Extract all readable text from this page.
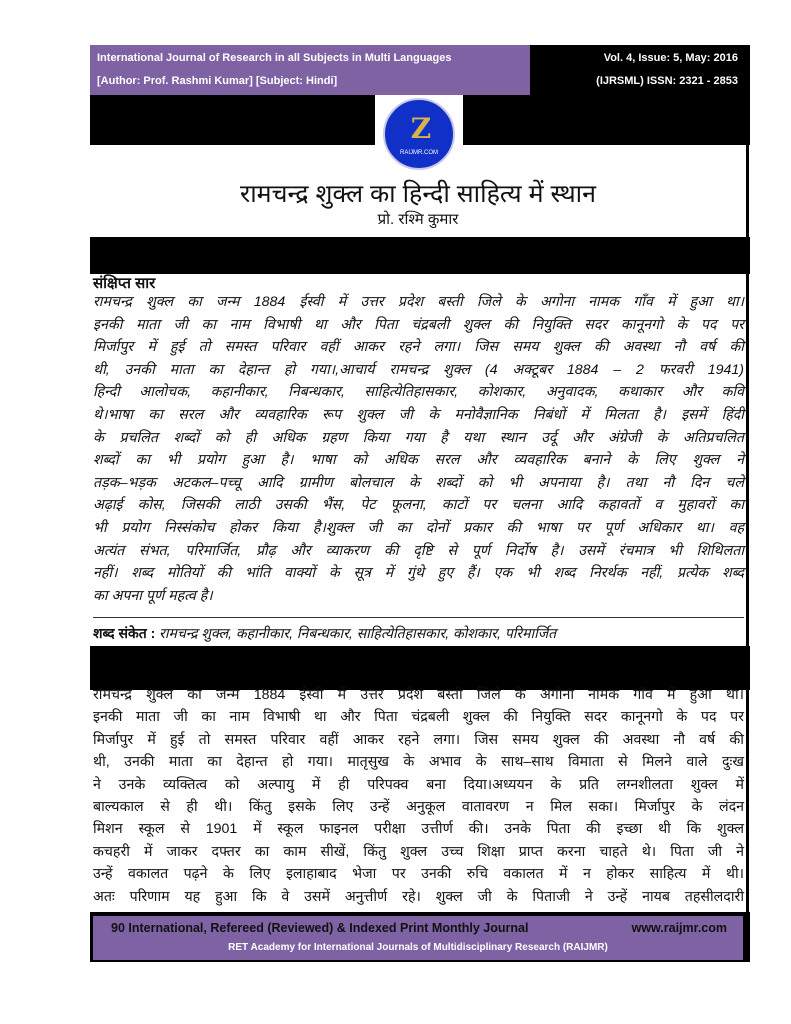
International Journal of Research in all Subjects in Multi Languages
[Author: Prof. Rashmi Kumar] [Subject: Hindi]
Vol. 4, Issue: 5, May: 2016
(IJRSML) ISSN: 2321 - 2853
Z
RAIJMR.COM
रामचन्द्र शुक्ल का हिन्दी साहित्य में स्थान
प्रो. रश्मि कुमार
संक्षिप्त सार
रामचन्द्र शुक्ल का जन्म 1884 ईस्वी में उत्तर प्रदेश बस्ती जिले के अगोना नामक गाँव में हुआ था।
इनकी माता जी का नाम विभाषी था और पिता चंद्रबली शुक्ल की नियुक्ति सदर कानूनगो के पद पर
मिर्जापुर में हुई तो समस्त परिवार वहीं आकर रहने लगा। जिस समय शुक्ल की अवस्था नौ वर्ष की
थी, उनकी माता का देहान्त हो गया।,आचार्य रामचन्द्र शुक्ल (4 अक्टूबर 1884 – 2 फरवरी 1941)
हिन्दी आलोचक, कहानीकार, निबन्धकार, साहित्येतिहासकार, कोशकार, अनुवादक, कथाकार और कवि
थे।भाषा का सरल और व्यवहारिक रूप शुक्ल जी के मनोवैज्ञानिक निबंधों में मिलता है। इसमें हिंदी
के प्रचलित शब्दों को ही अधिक ग्रहण किया गया है यथा स्थान उर्दू और अंग्रेजी के अतिप्रचलित
शब्दों का भी प्रयोग हुआ है। भाषा को अधिक सरल और व्यवहारिक बनाने के लिए शुक्ल ने
तड़क–भड़क अटकल–पच्चू आदि ग्रामीण बोलचाल के शब्दों को भी अपनाया है। तथा नौ दिन चले
अढ़ाई कोस, जिसकी लाठी उसकी भैंस, पेट फूलना, काटों पर चलना आदि कहावतों व मुहावरों का
भी प्रयोग निस्संकोच होकर किया है।शुक्ल जी का दोनों प्रकार की भाषा पर पूर्ण अधिकार था। वह
अत्यंत संभत, परिमार्जित, प्रौढ़ और व्याकरण की दृष्टि से पूर्ण निर्दोष है। उसमें रंचमात्र भी शिथिलता
नहीं। शब्द मोतियों की भांति वाक्यों के सूत्र में गुंथे हुए हैं। एक भी शब्द निरर्थक नहीं, प्रत्येक शब्द
का अपना पूर्ण महत्व है।
शब्द संकेत : रामचन्द्र शुक्ल, कहानीकार, निबन्धकार, साहित्येतिहासकार, कोशकार, परिमार्जित
रामचन्द्र शुक्ल का जन्म 1884 ईस्वी में उत्तर प्रदेश बस्ती जिले के अगोना नामक गाँव में हुआ था।
इनकी माता जी का नाम विभाषी था और पिता चंद्रबली शुक्ल की नियुक्ति सदर कानूनगो के पद पर
मिर्जापुर में हुई तो समस्त परिवार वहीं आकर रहने लगा। जिस समय शुक्ल की अवस्था नौ वर्ष की
थी, उनकी माता का देहान्त हो गया। मातृसुख के अभाव के साथ–साथ विमाता से मिलने वाले दुःख
ने उनके व्यक्तित्व को अल्पायु में ही परिपक्व बना दिया।अध्ययन के प्रति लग्नशीलता शुक्ल में
बाल्यकाल से ही थी। किंतु इसके लिए उन्हें अनुकूल वातावरण न मिल सका। मिर्जापुर के लंदन
मिशन स्कूल से 1901 में स्कूल फाइनल परीक्षा उत्तीर्ण की। उनके पिता की इच्छा थी कि शुक्ल
कचहरी में जाकर दफ्तर का काम सीखें, किंतु शुक्ल उच्च शिक्षा प्राप्त करना चाहते थे। पिता जी ने
उन्हें वकालत पढ़ने के लिए इलाहाबाद भेजा पर उनकी रुचि वकालत में न होकर साहित्य में थी।
अतः परिणाम यह हुआ कि वे उसमें अनुत्तीर्ण रहे। शुक्ल जी के पिताजी ने उन्हें नायब तहसीलदारी
90 International, Refereed (Reviewed) & Indexed Print Monthly Journal	www.raijmr.com
RET Academy for International Journals of Multidisciplinary Research (RAIJMR)
